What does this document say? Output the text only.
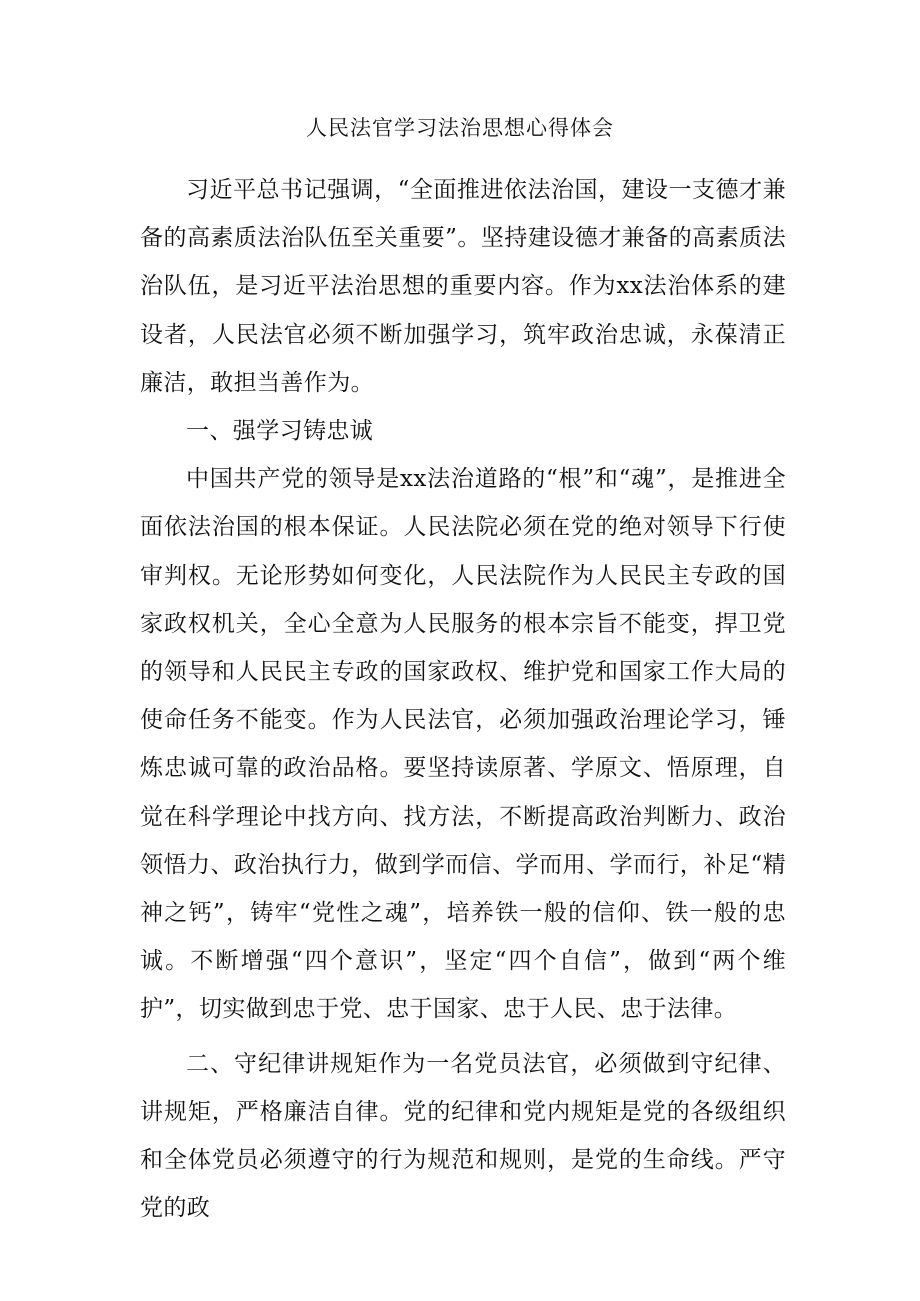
人民法官学习法治思想心得体会

习近平总书记强调，“全面推进依法治国，建设一支德才兼备的高素质法治队伍至关重要”。坚持建设德才兼备的高素质法治队伍，是习近平法治思想的重要内容。作为xx法治体系的建设者，人民法官必须不断加强学习，筑牢政治忠诚，永葆清正廉洁，敢担当善作为。

一、强学习铸忠诚

中国共产党的领导是xx法治道路的“根”和“魂”，是推进全面依法治国的根本保证。人民法院必须在党的绝对领导下行使审判权。无论形势如何变化，人民法院作为人民民主专政的国家政权机关，全心全意为人民服务的根本宗旨不能变，捍卫党的领导和人民民主专政的国家政权、维护党和国家工作大局的使命任务不能变。作为人民法官，必须加强政治理论学习，锤炼忠诚可靠的政治品格。要坚持读原著、学原文、悟原理，自觉在科学理论中找方向、找方法，不断提高政治判断力、政治领悟力、政治执行力，做到学而信、学而用、学而行，补足“精神之钙”，铸牢“党性之魂”，培养铁一般的信仰、铁一般的忠诚。不断增强“四个意识”，坚定“四个自信”，做到“两个维护”，切实做到忠于党、忠于国家、忠于人民、忠于法律。

二、守纪律讲规矩作为一名党员法官，必须做到守纪律、讲规矩，严格廉洁自律。党的纪律和党内规矩是党的各级组织和全体党员必须遵守的行为规范和规则，是党的生命线。严守党的政
